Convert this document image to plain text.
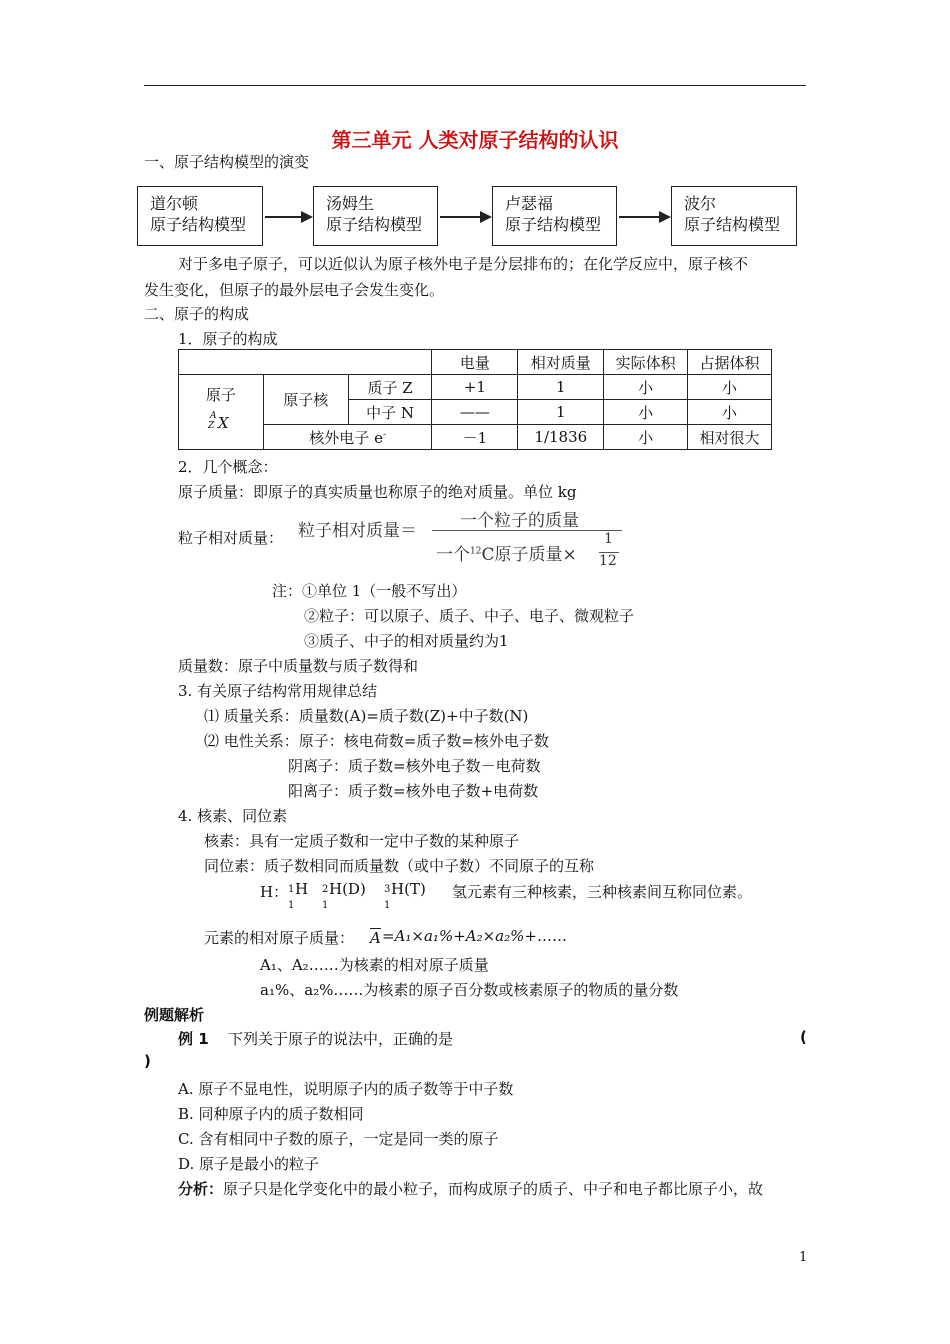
第三单元 人类对原子结构的认识
一、原子结构模型的演变
道尔顿
原子结构模型
汤姆生
原子结构模型
卢瑟福
原子结构模型
波尔
原子结构模型
对于多电子原子，可以近似认为原子核外电子是分层排布的；在化学反应中，原子核不
发生变化，但原子的最外层电子会发生变化。
二、原子的构成
1．原子的构成
			电量	相对质量	实际体积	占据体积

原子
A
Z X	原子核	质子 Z	+1	1	小	小
		中子 N	——	1	小	小
	核外电子 e-		－1	1/1836	小	相对很大
2．几个概念：
原子质量：即原子的真实质量也称原子的绝对质量。单位 kg
粒子相对质量： 粒子相对质量＝	一个粒子的质量
一个$^{12}$C原子质量×
1
12
注：①单位 1（一般不写出）
②粒子：可以原子、质子、中子、电子、微观粒子
③质子、中子的相对质量约为1
质量数：原子中质量数与质子数得和
3. 有关原子结构常用规律总结
⑴ 质量关系：质量数(A)=质子数(Z)+中子数(N)
⑵ 电性关系：原子：核电荷数=质子数=核外电子数
阴离子：质子数=核外电子数－电荷数
阳离子：质子数=核外电子数+电荷数
4. 核素、同位素
核素：具有一定质子数和一定中子数的某种原子
同位素：质子数相同而质量数（或中子数）不同原子的互称
H： 1
1
H 2
1
H(D) 3
1
H(T) 氢元素有三种核素，三种核素间互称同位素。
元素的相对原子质量： A =A₁×a₁%+A₂×a₂%+……
A₁、A₂……为核素的相对原子质量
a₁%、a₂%……为核素的原子百分数或核素原子的物质的量分数
例题解析
例 1 下列关于原子的说法中，正确的是	(
)
A. 原子不显电性，说明原子内的质子数等于中子数
B. 同种原子内的质子数相同
C. 含有相同中子数的原子，一定是同一类的原子
D. 原子是最小的粒子
分析：原子只是化学变化中的最小粒子，而构成原子的质子、中子和电子都比原子小，故
1
